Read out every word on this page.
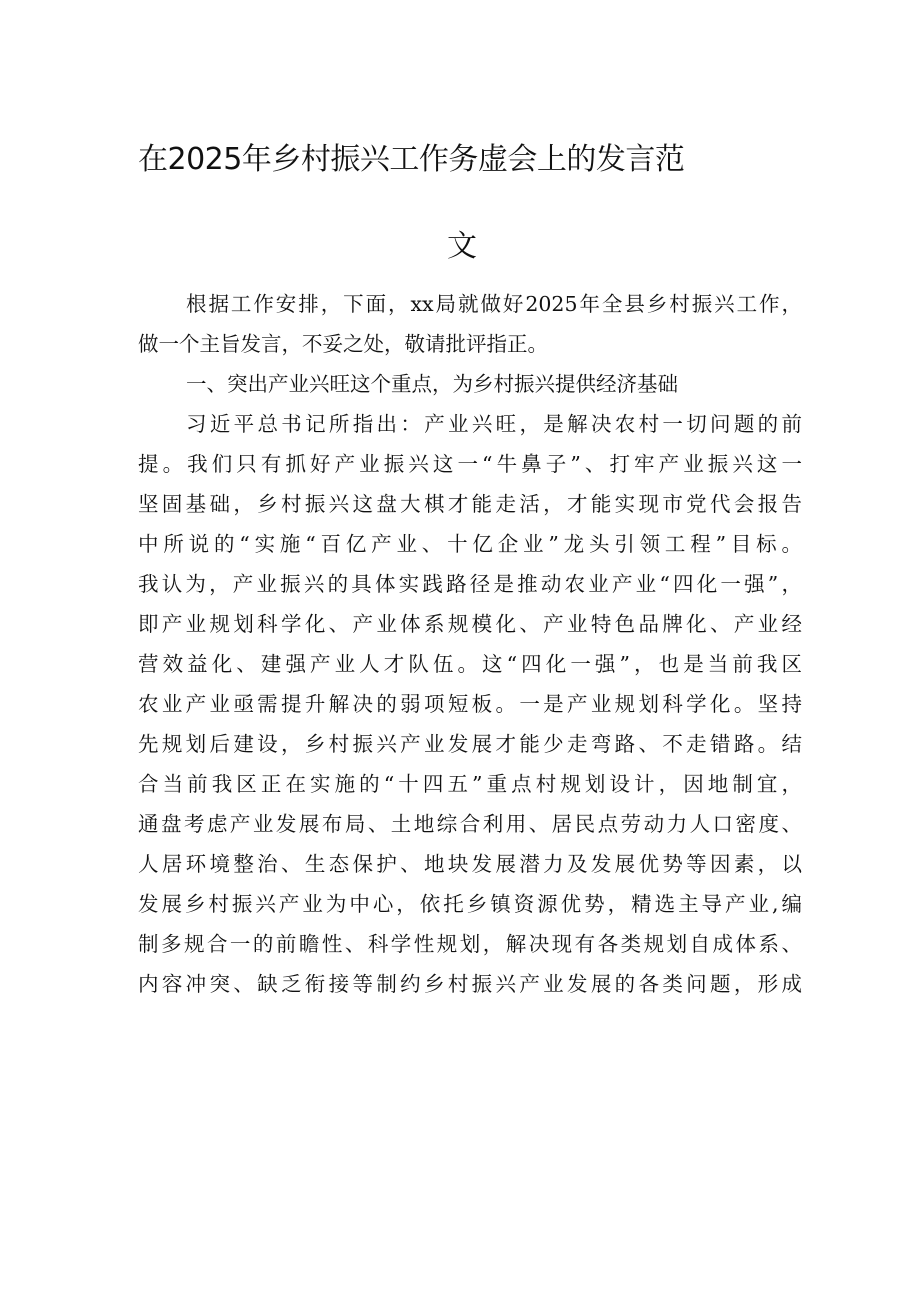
在2025年乡村振兴工作务虚会上的发言范
文
根据工作安排，下面，xx局就做好2025年全县乡村振兴工作，
做一个主旨发言，不妥之处，敬请批评指正。
一、突出产业兴旺这个重点，为乡村振兴提供经济基础
习近平总书记所指出：产业兴旺，是解决农村一切问题的前
提。我们只有抓好产业振兴这一“牛鼻子”、打牢产业振兴这一
坚固基础，乡村振兴这盘大棋才能走活，才能实现市党代会报告
中所说的“实施“百亿产业、十亿企业”龙头引领工程”目标。
我认为，产业振兴的具体实践路径是推动农业产业“四化一强”，
即产业规划科学化、产业体系规模化、产业特色品牌化、产业经
营效益化、建强产业人才队伍。这“四化一强”，也是当前我区
农业产业亟需提升解决的弱项短板。一是产业规划科学化。坚持
先规划后建设，乡村振兴产业发展才能少走弯路、不走错路。结
合当前我区正在实施的“十四五”重点村规划设计，因地制宜，
通盘考虑产业发展布局、土地综合利用、居民点劳动力人口密度、
人居环境整治、生态保护、地块发展潜力及发展优势等因素，以
发展乡村振兴产业为中心，依托乡镇资源优势，精选主导产业,编
制多规合一的前瞻性、科学性规划，解决现有各类规划自成体系、
内容冲突、缺乏衔接等制约乡村振兴产业发展的各类问题，形成
